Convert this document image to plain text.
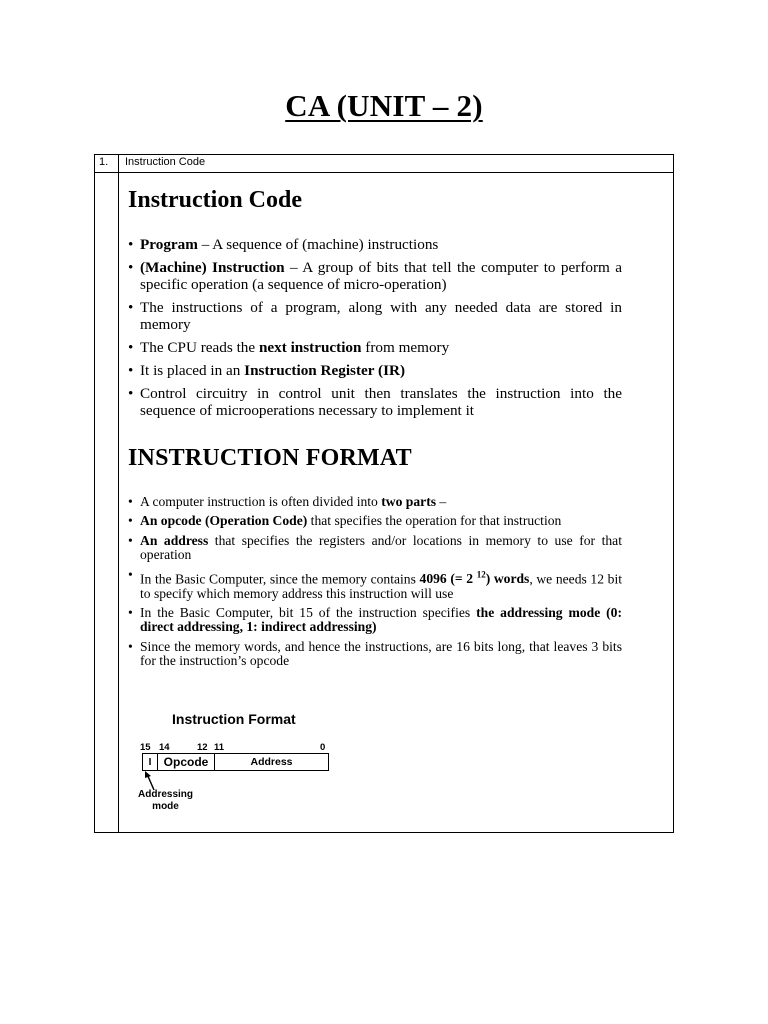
CA (UNIT – 2)
1. Instruction Code
Instruction Code
• Program – A sequence of (machine) instructions
• (Machine) Instruction – A group of bits that tell the computer to perform a specific operation (a sequence of micro-operation)
• The instructions of a program, along with any needed data are stored in memory
• The CPU reads the next instruction from memory
• It is placed in an Instruction Register (IR)
• Control circuitry in control unit then translates the instruction into the sequence of microoperations necessary to implement it
INSTRUCTION FORMAT
• A computer instruction is often divided into two parts –
• An opcode (Operation Code) that specifies the operation for that instruction
• An address that specifies the registers and/or locations in memory to use for that operation
• In the Basic Computer, since the memory contains 4096 (= 2 $^{12}$) words, we needs 12 bit to specify which memory address this instruction will use
• In the Basic Computer, bit 15 of the instruction specifies the addressing mode (0: direct addressing, 1: indirect addressing)
• Since the memory words, and hence the instructions, are 16 bits long, that leaves 3 bits for the instruction’s opcode
Instruction Format
15 14	12 11	0
I	Opcode	Address
Addressing
mode
